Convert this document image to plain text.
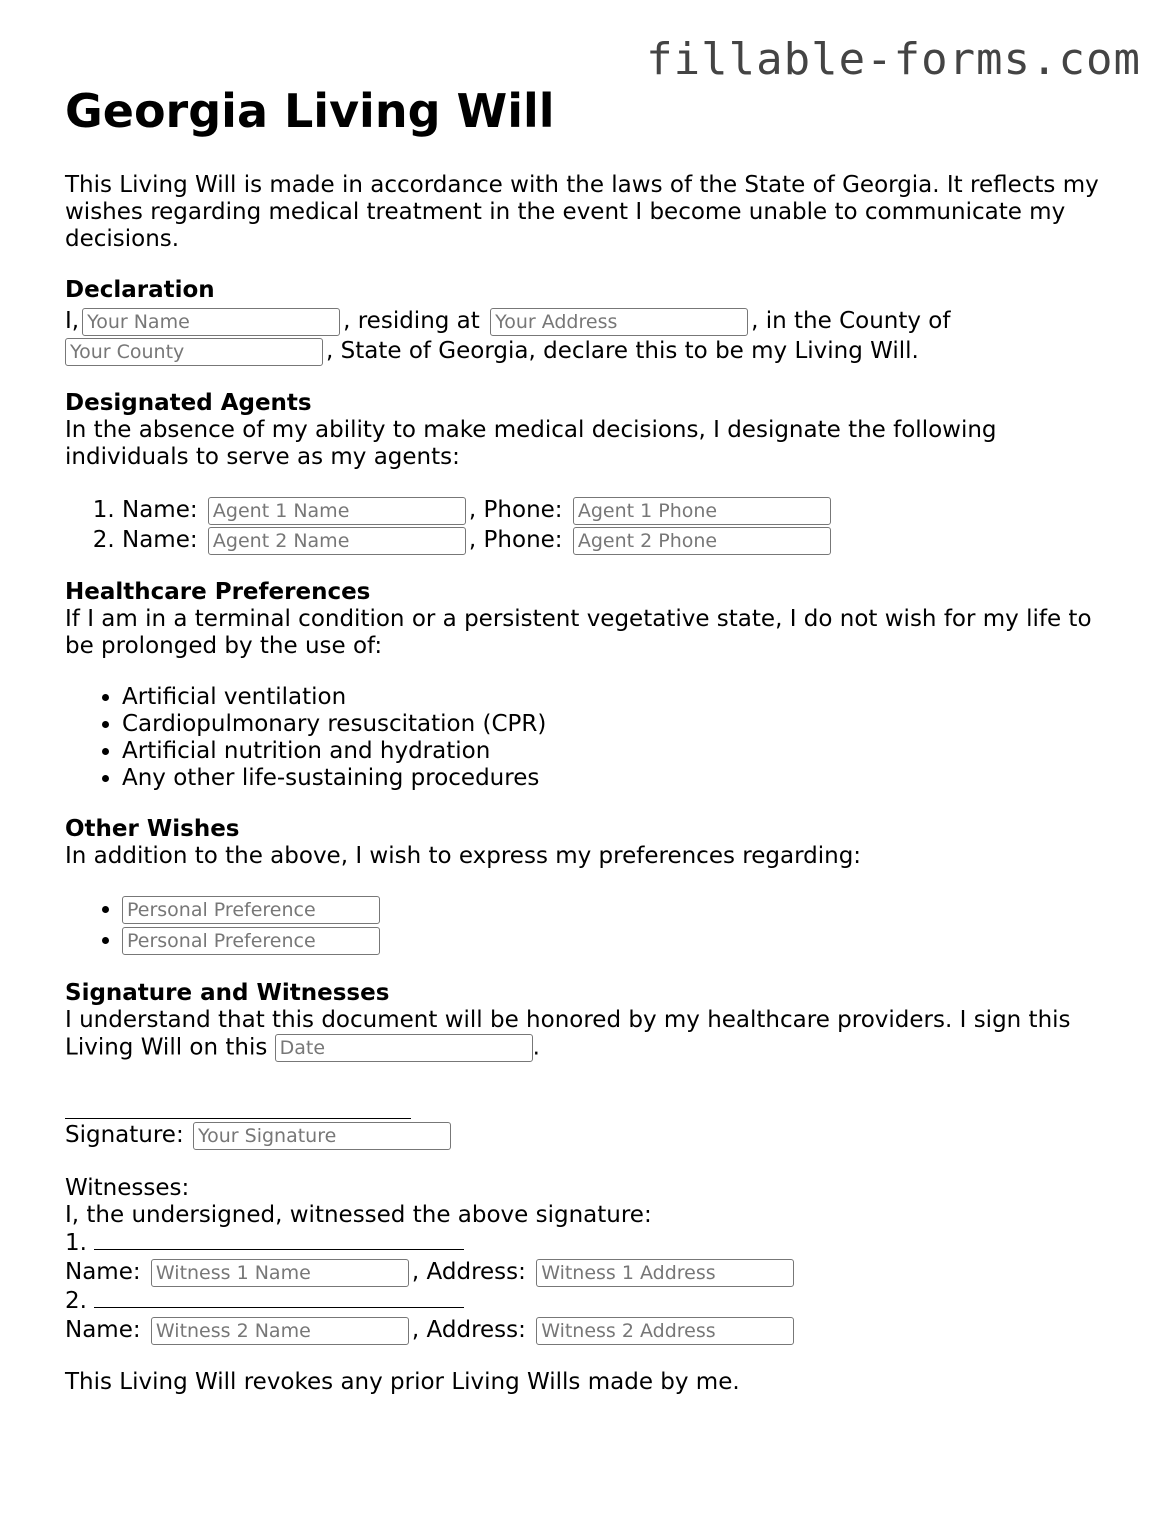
fillable-forms.com
Georgia Living Will

This Living Will is made in accordance with the laws of the State of Georgia. It reflects my wishes regarding medical treatment in the event I become unable to communicate my decisions.

Declaration
I,Your Name	, residing at Your Address	, in the County of
Your County, State of Georgia, declare this to be my Living Will.
Designated Agents

In the absence of my ability to make medical decisions, I designate the following individuals to serve as my agents:

1. Name: Agent 1 Name	, Phone: Agent 1 Phone
2. Name: Agent 2 Name	, Phone: Agent 2 Phone
Healthcare Preferences

If I am in a terminal condition or a persistent vegetative state, I do not wish for my life to be prolonged by the use of:

• Artificial ventilation
• Cardiopulmonary resuscitation (CPR)
• Artificial nutrition and hydration
• Any other life-sustaining procedures
Other Wishes

In addition to the above, I wish to express my preferences regarding:

• Personal Preference
• Personal Preference
Signature and Witnesses

I understand that this document will be honored by my healthcare providers. I sign this Living Will on this Date	.

Signature: Your Signature

Witnesses:

I, the undersigned, witnessed the above signature:

1.
Name: Witness 1 Name	, Address: Witness 1 Address
2.
Name: Witness 2 Name	, Address: Witness 2 Address

This Living Will revokes any prior Living Wills made by me.
